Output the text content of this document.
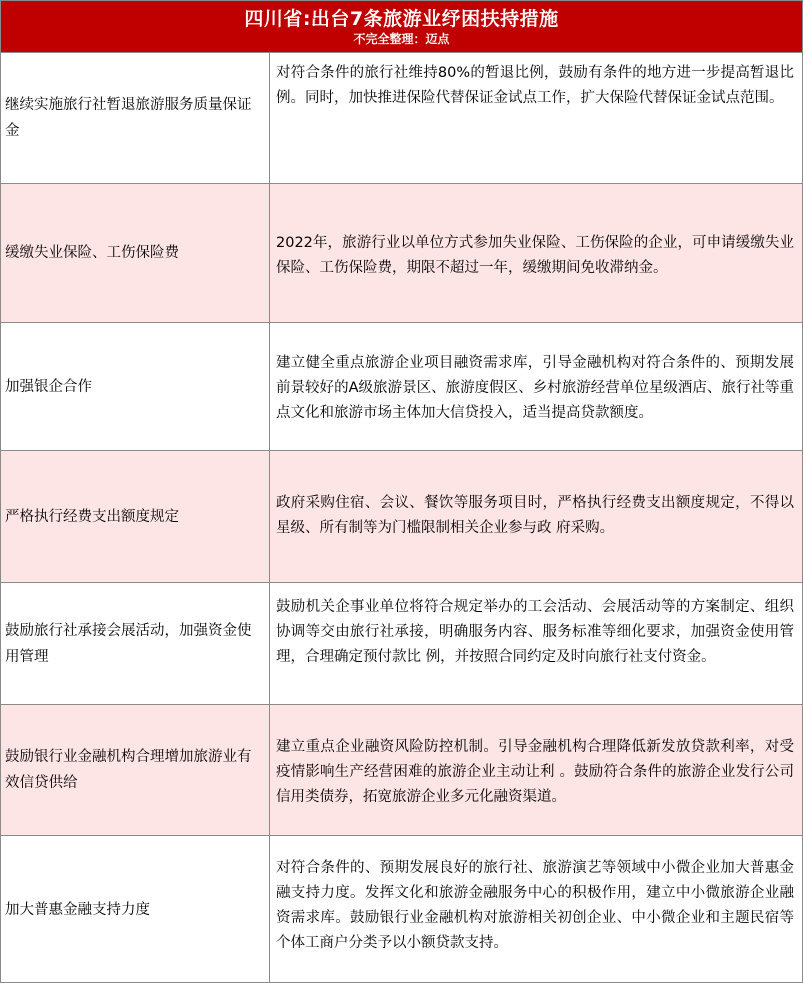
四川省:出台7条旅游业纾困扶持措施
不完全整理：迈点
继续实施旅行社暂退旅游服务质量保证金
对符合条件的旅行社维持80%的暂退比例，鼓励有条件的地方进一步提高暂退比例。同时，加快推进保险代替保证金试点工作，扩大保险代替保证金试点范围。
缓缴失业保险、工伤保险费
2022年，旅游行业以单位方式参加失业保险、工伤保险的企业，可申请缓缴失业保险、工伤保险费，期限不超过一年，缓缴期间免收滞纳金。
加强银企合作
建立健全重点旅游企业项目融资需求库，引导金融机构对符合条件的、预期发展前景较好的A级旅游景区、旅游度假区、乡村旅游经营单位星级酒店、旅行社等重点文化和旅游市场主体加大信贷投入，适当提高贷款额度。
严格执行经费支出额度规定
政府采购住宿、会议、餐饮等服务项目时，严格执行经费支出额度规定，不得以星级、所有制等为门槛限制相关企业参与政 府采购。
鼓励旅行社承接会展活动，加强资金使用管理
鼓励机关企事业单位将符合规定举办的工会活动、会展活动等的方案制定、组织协调等交由旅行社承接，明确服务内容、服务标准等细化要求，加强资金使用管理，合理确定预付款比 例，并按照合同约定及时向旅行社支付资金。
鼓励银行业金融机构合理增加旅游业有效信贷供给
建立重点企业融资风险防控机制。引导金融机构合理降低新发放贷款利率，对受疫情影响生产经营困难的旅游企业主动让利 。鼓励符合条件的旅游企业发行公司信用类债券，拓宽旅游企业多元化融资渠道。
加大普惠金融支持力度
对符合条件的、预期发展良好的旅行社、旅游演艺等领域中小微企业加大普惠金融支持力度。发挥文化和旅游金融服务中心的积极作用，建立中小微旅游企业融资需求库。鼓励银行业金融机构对旅游相关初创企业、中小微企业和主题民宿等个体工商户分类予以小额贷款支持。
